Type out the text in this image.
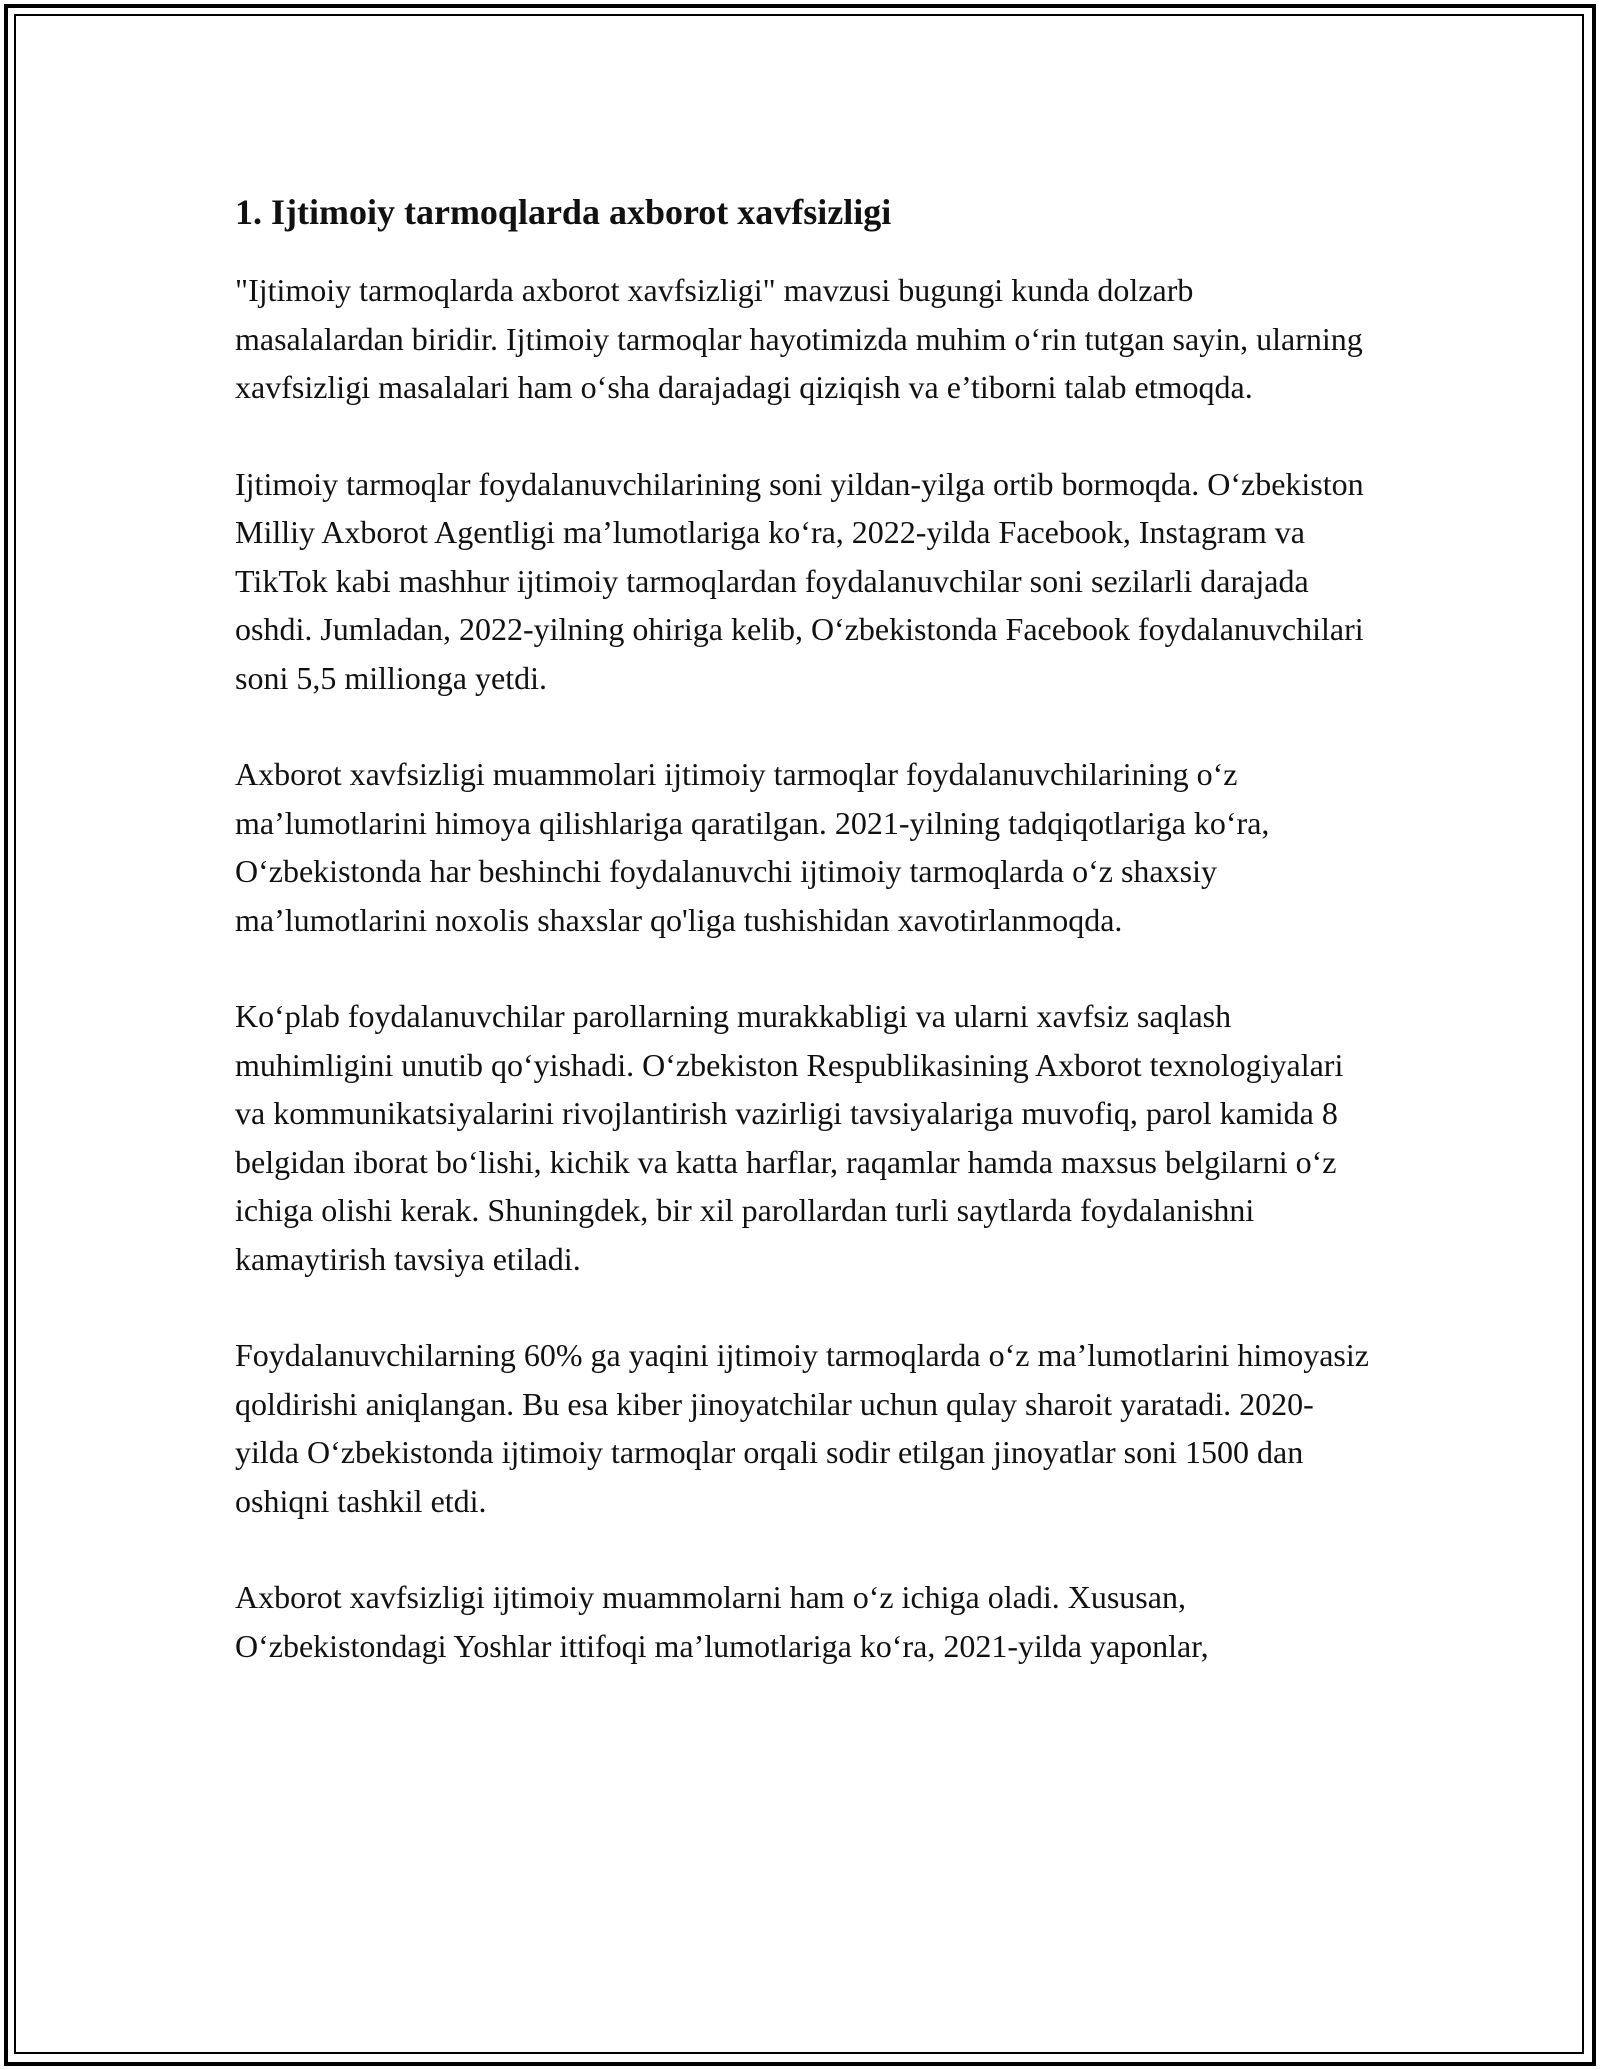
1. Ijtimoiy tarmoqlarda axborot xavfsizligi

"Ijtimoiy tarmoqlarda axborot xavfsizligi" mavzusi bugungi kunda dolzarb masalalardan biridir. Ijtimoiy tarmoqlar hayotimizda muhim o‘rin tutgan sayin, ularning xavfsizligi masalalari ham o‘sha darajadagi qiziqish va e’tiborni talab etmoqda.

Ijtimoiy tarmoqlar foydalanuvchilarining soni yildan-yilga ortib bormoqda. O‘zbekiston Milliy Axborot Agentligi ma’lumotlariga ko‘ra, 2022-yilda Facebook, Instagram va TikTok kabi mashhur ijtimoiy tarmoqlardan foydalanuvchilar soni sezilarli darajada oshdi. Jumladan, 2022-yilning ohiriga kelib, O‘zbekistonda Facebook foydalanuvchilari soni 5,5 millionga yetdi.

Axborot xavfsizligi muammolari ijtimoiy tarmoqlar foydalanuvchilarining o‘z ma’lumotlarini himoya qilishlariga qaratilgan. 2021-yilning tadqiqotlariga ko‘ra, O‘zbekistonda har beshinchi foydalanuvchi ijtimoiy tarmoqlarda o‘z shaxsiy ma’lumotlarini noxolis shaxslar qo'liga tushishidan xavotirlanmoqda.

Ko‘plab foydalanuvchilar parollarning murakkabligi va ularni xavfsiz saqlash muhimligini unutib qo‘yishadi. O‘zbekiston Respublikasining Axborot texnologiyalari va kommunikatsiyalarini rivojlantirish vazirligi tavsiyalariga muvofiq, parol kamida 8 belgidan iborat bo‘lishi, kichik va katta harflar, raqamlar hamda maxsus belgilarni o‘z ichiga olishi kerak. Shuningdek, bir xil parollardan turli saytlarda foydalanishni kamaytirish tavsiya etiladi.

Foydalanuvchilarning 60% ga yaqini ijtimoiy tarmoqlarda o‘z ma’lumotlarini himoyasiz qoldirishi aniqlangan. Bu esa kiber jinoyatchilar uchun qulay sharoit yaratadi. 2020-yilda O‘zbekistonda ijtimoiy tarmoqlar orqali sodir etilgan jinoyatlar soni 1500 dan oshiqni tashkil etdi.

Axborot xavfsizligi ijtimoiy muammolarni ham o‘z ichiga oladi. Xususan, O‘zbekistondagi Yoshlar ittifoqi ma’lumotlariga ko‘ra, 2021-yilda yaponlar,
